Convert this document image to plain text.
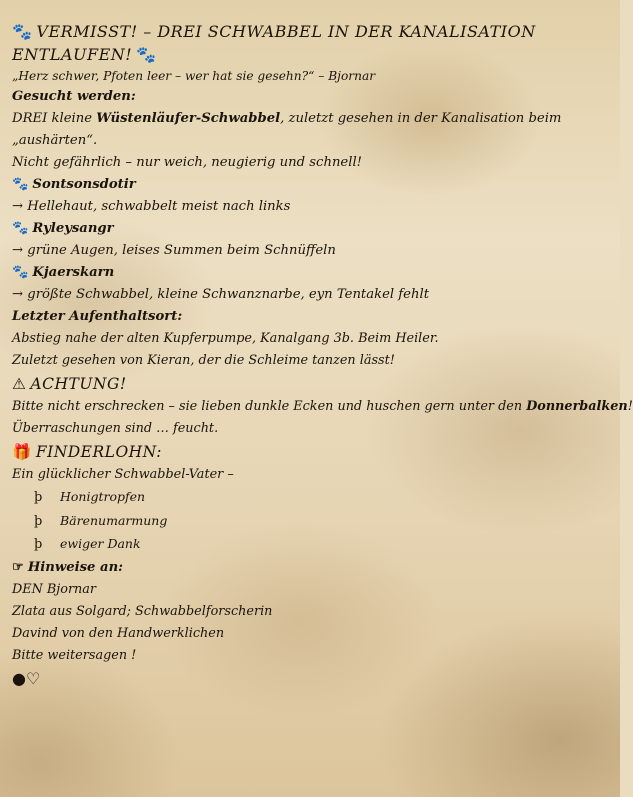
🐾 VERMISST! – DREI SCHWABBEL IN DER KANALISATION ENTLAUFEN! 🐾
„Herz schwer, Pfoten leer – wer hat sie gesehn?“ – Bjornar
Gesucht werden:
DREI kleine Wüstenläufer-Schwabbel, zuletzt gesehen in der Kanalisation beim „aushärten“.
Nicht gefährlich – nur weich, neugierig und schnell!
🐾 Sontsonsdotir
→ Hellehaut, schwabbelt meist nach links
🐾 Ryleysangr
→ grüne Augen, leises Summen beim Schnüffeln
🐾 Kjaerskarn
→ größte Schwabbel, kleine Schwanznarbe, eyn Tentakel fehlt
Letzter Aufenthaltsort:
Abstieg nahe der alten Kupferpumpe, Kanalgang 3b. Beim Heiler.
Zuletzt gesehen von Kieran, der die Schleime tanzen lässt!
⚠ ACHTUNG!
Bitte nicht erschrecken – sie lieben dunkle Ecken und huschen gern unter den Donnerbalken!
Überraschungen sind … feucht.
🎁 FINDERLOHN:
Ein glücklicher Schwabbel-Vater –
þ Honigtropfen
þ Bärenumarmung
þ ewiger Dank
☞ Hinweise an:
DEN Bjornar
Zlata aus Solgard; Schwabbelforscherin
Davind von den Handwerklichen
Bitte weitersagen !
●♡
